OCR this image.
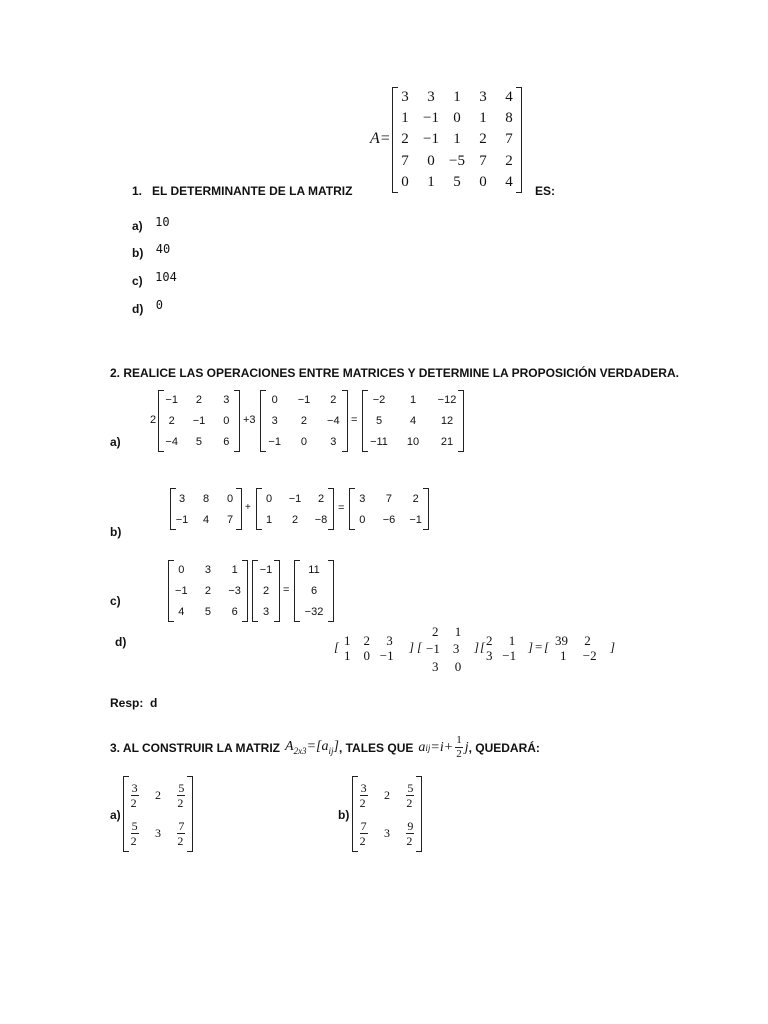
A=
3 3 1 3 4
1 −1 0 1 8
2 −1 1 2 7
7 0 −5 7 2
0 1 5 0 4
1.   EL DETERMINANTE DE LA MATRIZ	ES:
a) $^{10}$
b) $^{40}$
c) $^{104}$
d) $^0$
2. REALICE LAS OPERACIONES ENTRE MATRICES Y DETERMINE LA PROPOSICIÓN VERDADERA.
a)
2
−1 2 3
2 −1 0
−4 5 6
+3
0 −1 2
3 2 −4
−1 0 3
=
−2 1 −12
5	4 12
−11 10 21
b)
3 8 0
−1 4 7
+
0 −1 2
1 2 −8
=
3 7 2
0 −6 −1
c)
0 3 1
−1 2 −3
4 5 6
−1
2
3
=
11
6
−32
d)	[ 1    2     3
1    0   −1
] [
2     1
−1    3
3     0
] [ 2     1
3   −1
] = [ 39     2
1     −2
]
Resp:  d
3. AL CONSTRUIR LA MATRIZ $A_{2x3}=[a_{ij}]$ , TALES QUE a ij $=i+ \frac{1}{2}$ j , QUEDARÁ:
a)
$\frac{3}{2} 2 \frac{5}{2}$
$\frac{5}{2} 3 \frac{7}{2}$
b)
$\frac{3}{2} 2 \frac{5}{2}$
$\frac{7}{2} 3 \frac{9}{2}$
